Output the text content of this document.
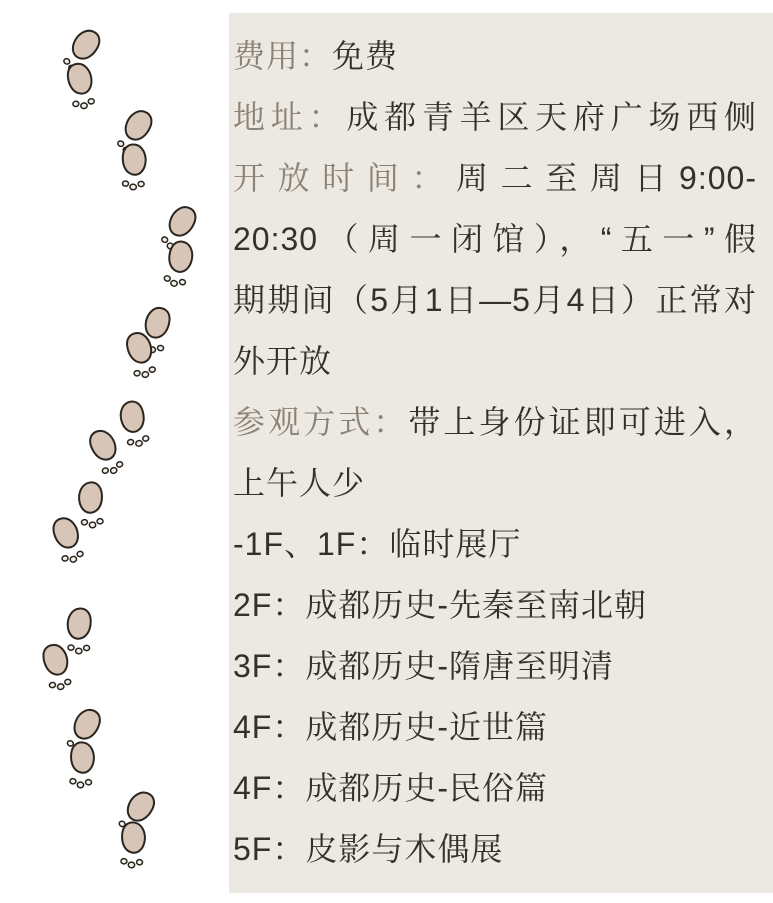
费用：免费
地址：成都青羊区天府广场西侧
开放时间：周二至周日9:00-
20:30（周一闭馆），“五一”假
期期间（5月1日—5月4日）正常对
外开放
参观方式：带上身份证即可进入，
上午人少
-1F、1F：临时展厅
2F：成都历史-先秦至南北朝
3F：成都历史-隋唐至明清
4F：成都历史-近世篇
4F：成都历史-民俗篇
5F：皮影与木偶展
